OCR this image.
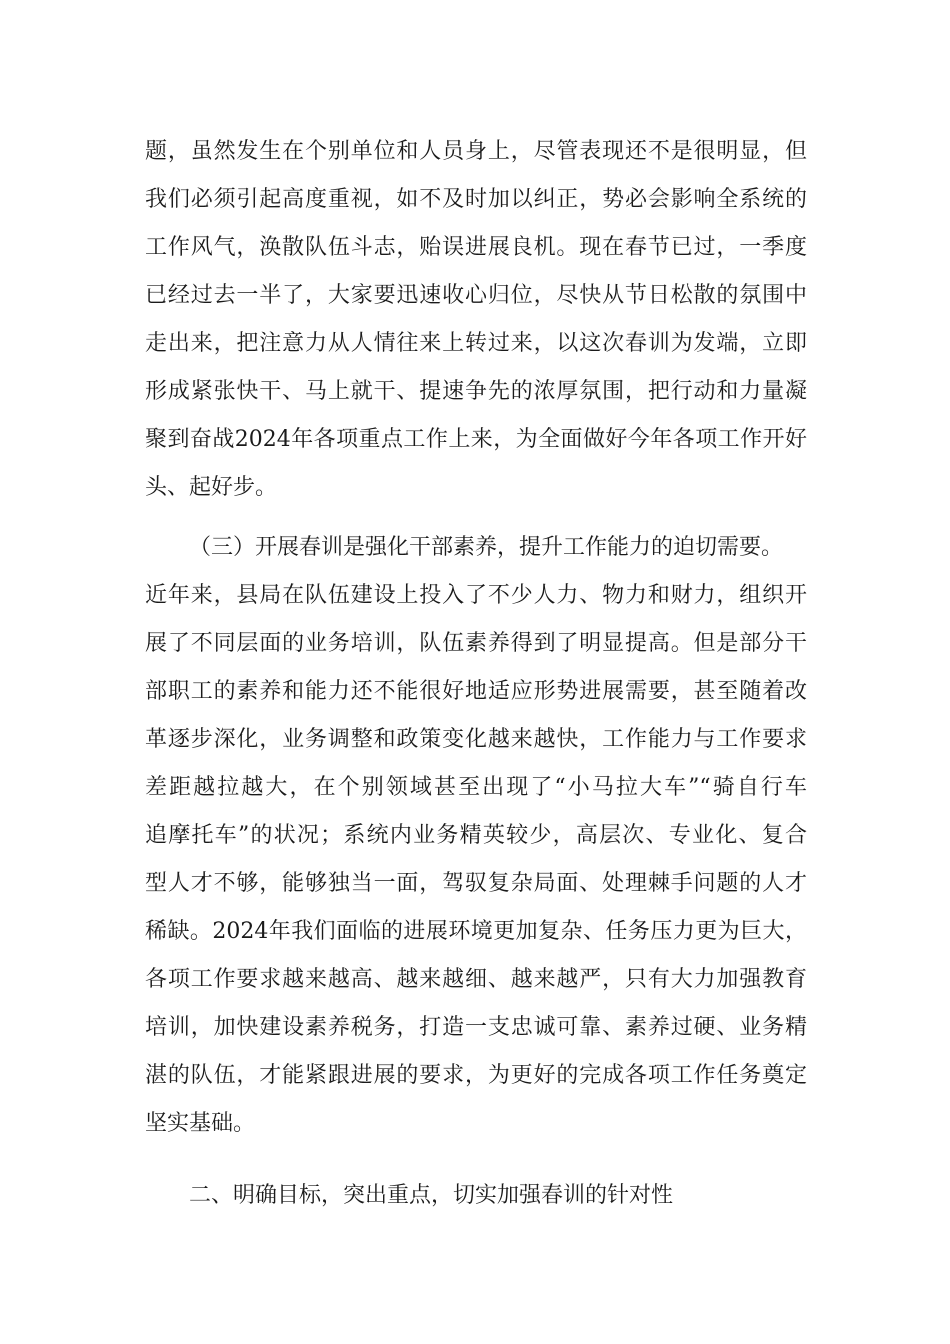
题，虽然发生在个别单位和人员身上，尽管表现还不是很明显，但
我们必须引起高度重视，如不及时加以纠正，势必会影响全系统的
工作风气，涣散队伍斗志，贻误进展良机。现在春节已过，一季度
已经过去一半了，大家要迅速收心归位，尽快从节日松散的氛围中
走出来，把注意力从人情往来上转过来，以这次春训为发端，立即
形成紧张快干、马上就干、提速争先的浓厚氛围，把行动和力量凝
聚到奋战2024年各项重点工作上来，为全面做好今年各项工作开好
头、起好步。
（三）开展春训是强化干部素养，提升工作能力的迫切需要。
近年来，县局在队伍建设上投入了不少人力、物力和财力，组织开
展了不同层面的业务培训，队伍素养得到了明显提高。但是部分干
部职工的素养和能力还不能很好地适应形势进展需要，甚至随着改
革逐步深化，业务调整和政策变化越来越快，工作能力与工作要求
差距越拉越大，在个别领域甚至出现了“小马拉大车”“骑自行车
追摩托车”的状况；系统内业务精英较少，高层次、专业化、复合
型人才不够，能够独当一面，驾驭复杂局面、处理棘手问题的人才
稀缺。2024年我们面临的进展环境更加复杂、任务压力更为巨大，
各项工作要求越来越高、越来越细、越来越严，只有大力加强教育
培训，加快建设素养税务，打造一支忠诚可靠、素养过硬、业务精
湛的队伍，才能紧跟进展的要求，为更好的完成各项工作任务奠定
坚实基础。
二、明确目标，突出重点，切实加强春训的针对性
